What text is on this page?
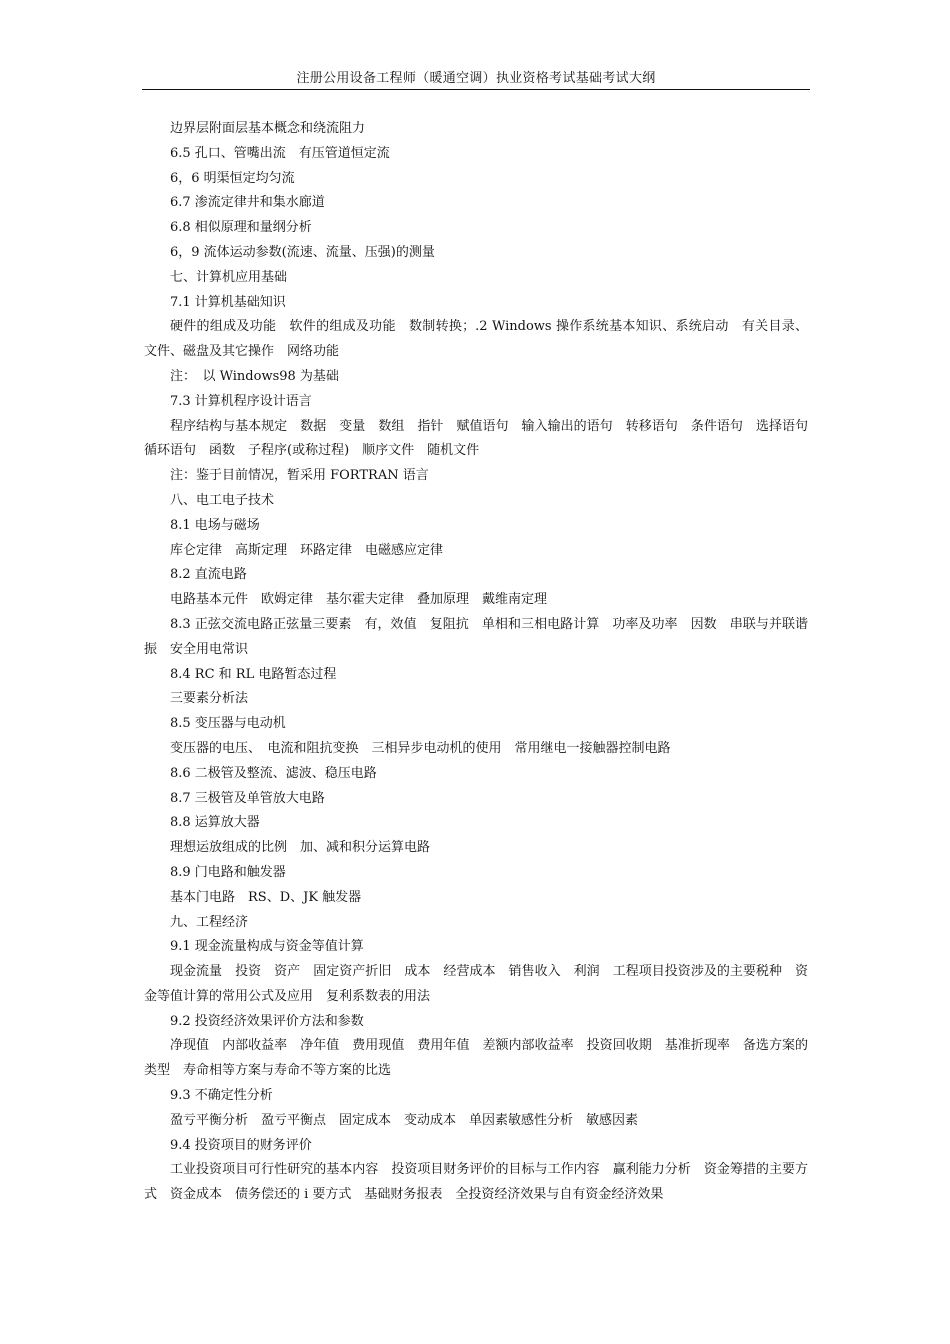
注册公用设备工程师（暖通空调）执业资格考试基础考试大纲

边界层附面层基本概念和绕流阻力

6.5 孔口、管嘴出流　有压管道恒定流

6，6 明渠恒定均匀流

6.7 渗流定律井和集水廊道

6.8 相似原理和量纲分析

6，9 流体运动参数(流速、流量、压强)的测量

七、计算机应用基础

7.1 计算机基础知识

硬件的组成及功能　软件的组成及功能　数制转换；.2 Windows 操作系统基本知识、系统启动　有关目录、文件、磁盘及其它操作　网络功能

注：　以 Windows98 为基础

7.3 计算机程序设计语言

程序结构与基本规定　数据　变量　数组　指针　赋值语句　输入输出的语句　转移语句　条件语句　选择语句　循环语句　函数　子程序(或称过程)　顺序文件　随机文件

注：鉴于目前情况，暂采用 FORTRAN 语言

八、电工电子技术

8.1 电场与磁场

库仑定律　高斯定理　环路定律　电磁感应定律

8.2 直流电路

电路基本元件　欧姆定律　基尔霍夫定律　叠加原理　戴维南定理

8.3 正弦交流电路正弦量三要素　有，效值　复阻抗　单相和三相电路计算　功率及功率　因数　串联与并联谐振　安全用电常识

8.4 RC 和 RL 电路暂态过程

三要素分析法

8.5 变压器与电动机

变压器的电压、　电流和阻抗变换　三相异步电动机的使用　常用继电一接触器控制电路

8.6 二极管及整流、滤波、稳压电路

8.7 三极管及单管放大电路

8.8 运算放大器

理想运放组成的比例　加、减和积分运算电路

8.9 门电路和触发器

基本门电路　RS、D、JK 触发器

九、工程经济

9.1 现金流量构成与资金等值计算

现金流量　投资　资产　固定资产折旧　成本　经营成本　销售收入　利润　工程项目投资涉及的主要税种　资金等值计算的常用公式及应用　复利系数表的用法

9.2 投资经济效果评价方法和参数

净现值　内部收益率　净年值　费用现值　费用年值　差额内部收益率　投资回收期　基准折现率　备选方案的类型　寿命相等方案与寿命不等方案的比选

9.3 不确定性分析

盈亏平衡分析　盈亏平衡点　固定成本　变动成本　单因素敏感性分析　敏感因素

9.4 投资项目的财务评价

工业投资项目可行性研究的基本内容　投资项目财务评价的目标与工作内容　赢利能力分析　资金筹措的主要方式　资金成本　债务偿还的 i 要方式　基础财务报表　全投资经济效果与自有资金经济效果
